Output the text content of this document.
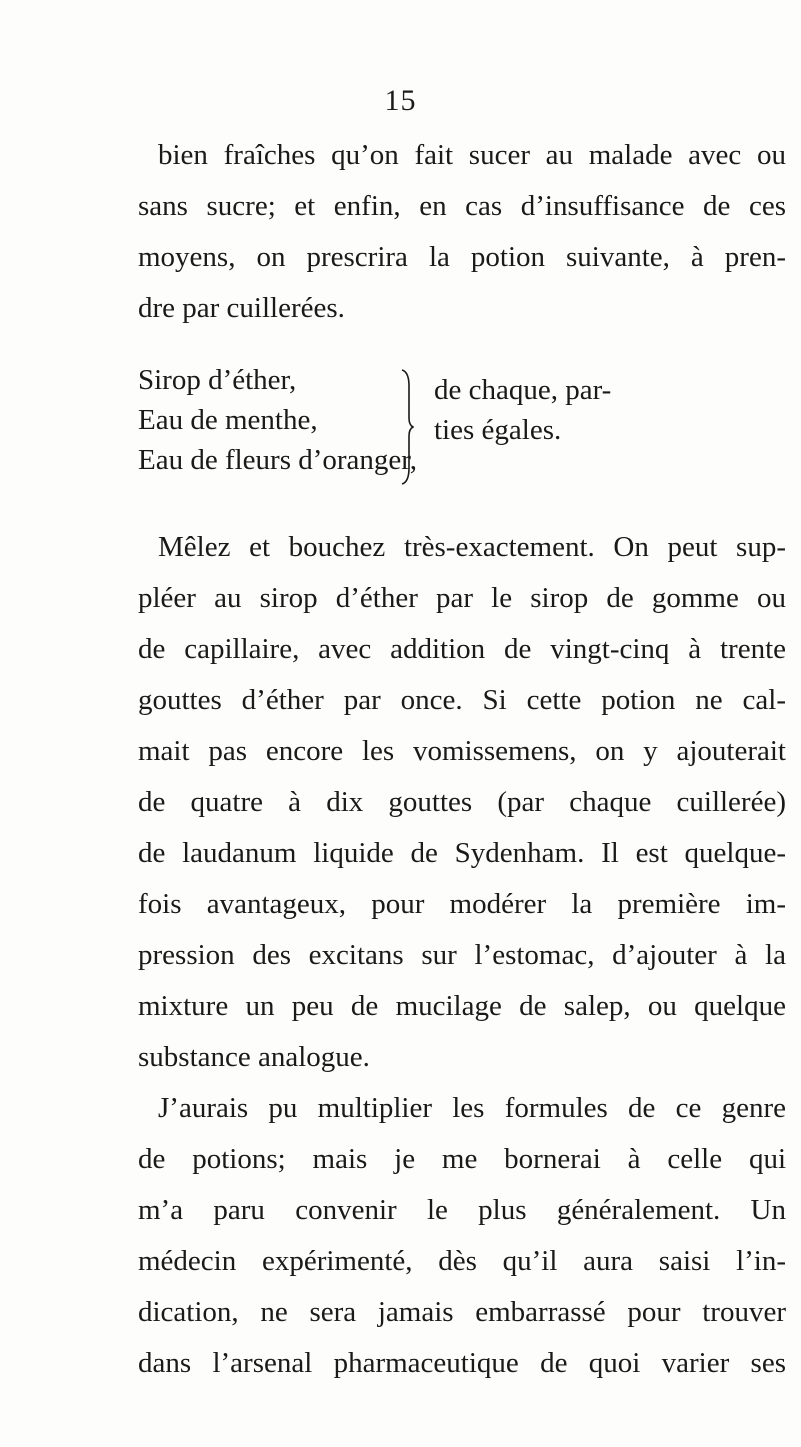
15
bien fraîches qu’on fait sucer au malade avec ou
sans sucre; et enfin, en cas d’insuffisance de ces
moyens, on prescrira la potion suivante, à pren-
dre par cuillerées.
Sirop d’éther,
Eau de menthe,
Eau de fleurs d’oranger,
de chaque, par-
ties égales.
Mêlez et bouchez très-exactement. On peut sup-
pléer au sirop d’éther par le sirop de gomme ou
de capillaire, avec addition de vingt-cinq à trente
gouttes d’éther par once. Si cette potion ne cal-
mait pas encore les vomissemens, on y ajouterait
de quatre à dix gouttes (par chaque cuillerée)
de laudanum liquide de Sydenham. Il est quelque-
fois avantageux, pour modérer la première im-
pression des excitans sur l’estomac, d’ajouter à la
mixture un peu de mucilage de salep, ou quelque
substance analogue.
J’aurais pu multiplier les formules de ce genre
de potions; mais je me bornerai à celle qui
m’a paru convenir le plus généralement. Un
médecin expérimenté, dès qu’il aura saisi l’in-
dication, ne sera jamais embarrassé pour trouver
dans l’arsenal pharmaceutique de quoi varier ses
